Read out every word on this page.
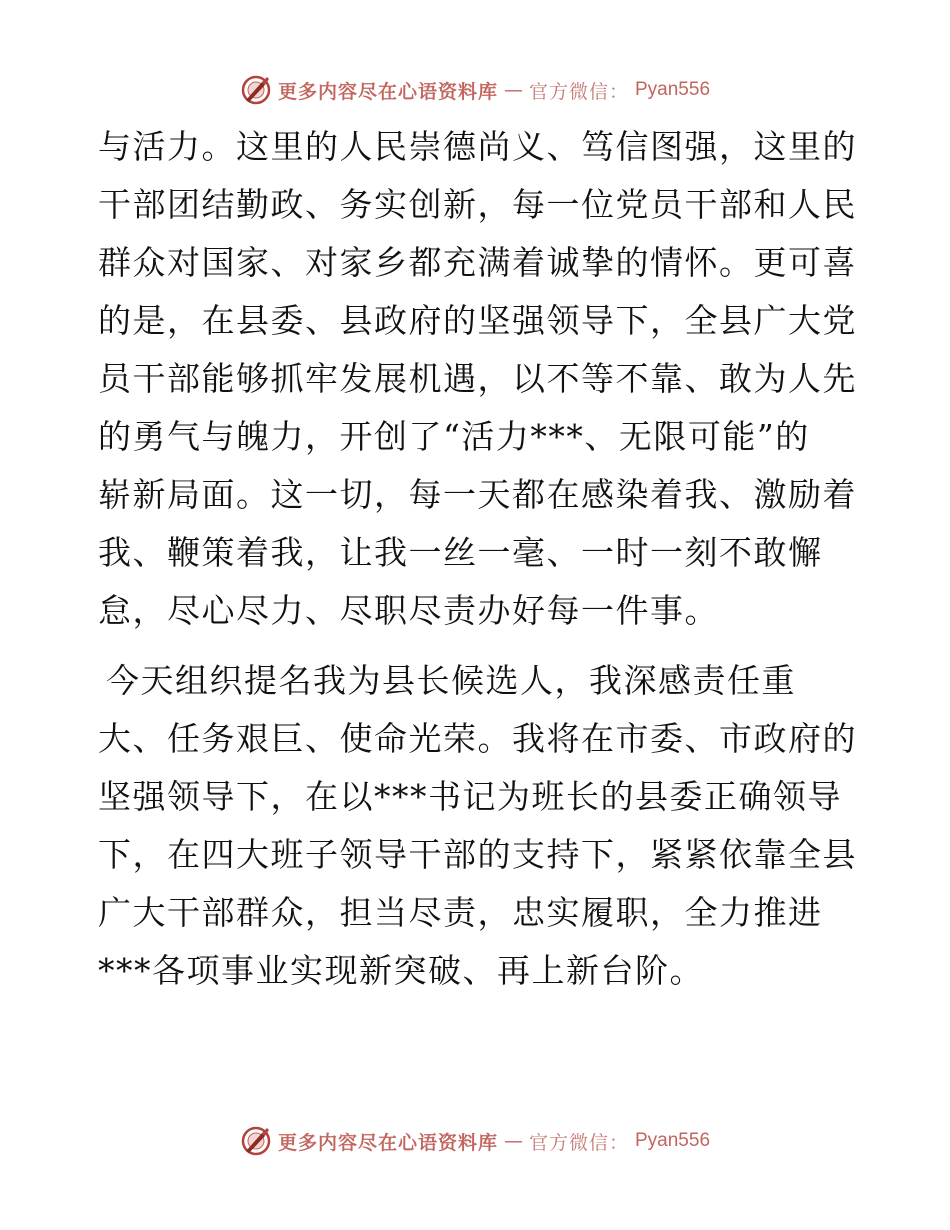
更多内容尽在心语资料库 — 官方微信： Pyan556

与活力。这里的人民崇德尚义、笃信图强，这里的
干部团结勤政、务实创新，每一位党员干部和人民
群众对国家、对家乡都充满着诚挚的情怀。更可喜
的是，在县委、县政府的坚强领导下，全县广大党
员干部能够抓牢发展机遇，以不等不靠、敢为人先
的勇气与魄力，开创了“活力***、无限可能”的
崭新局面。这一切，每一天都在感染着我、激励着
我、鞭策着我，让我一丝一毫、一时一刻不敢懈
怠，尽心尽力、尽职尽责办好每一件事。

今天组织提名我为县长候选人，我深感责任重
大、任务艰巨、使命光荣。我将在市委、市政府的
坚强领导下，在以***书记为班长的县委正确领导
下，在四大班子领导干部的支持下，紧紧依靠全县
广大干部群众，担当尽责，忠实履职，全力推进
***各项事业实现新突破、再上新台阶。

更多内容尽在心语资料库 — 官方微信： Pyan556
